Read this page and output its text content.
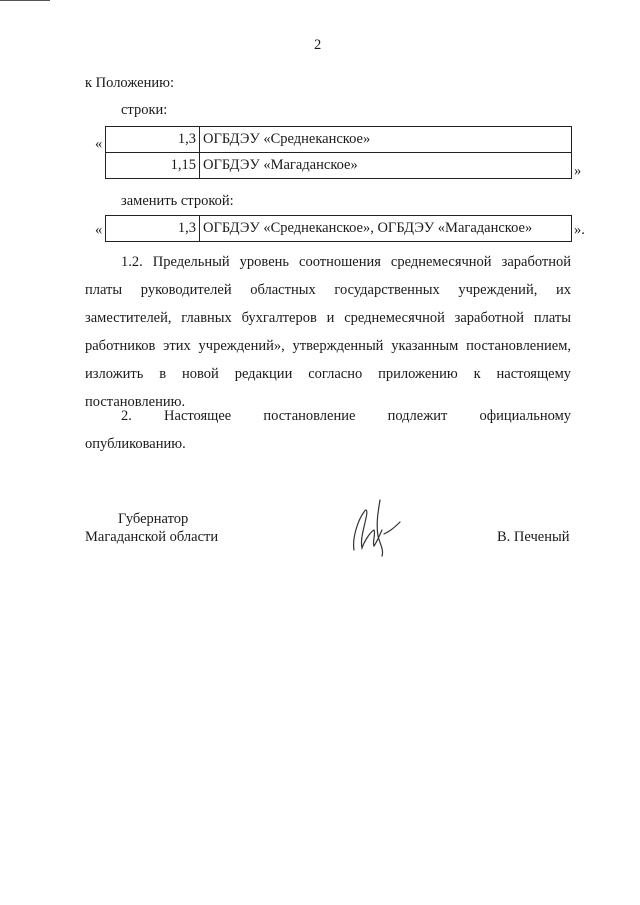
2
к Положению:
строки:
«	1,3	ОГБДЭУ «Среднеканское»
1,15	ОГБДЭУ «Магаданское»	»
заменить строкой:
«	1,3	ОГБДЭУ «Среднеканское», ОГБДЭУ «Магаданское»	».
1.2. Предельный уровень соотношения среднемесячной заработной
платы руководителей областных государственных учреждений, их
заместителей, главных бухгалтеров и среднемесячной заработной платы
работников этих учреждений», утвержденный указанным постановлением,
изложить в новой редакции согласно приложению к настоящему
постановлению.
2. Настоящее постановление подлежит официальному
опубликованию.
Губернатор
Магаданской области	В. Печеный
